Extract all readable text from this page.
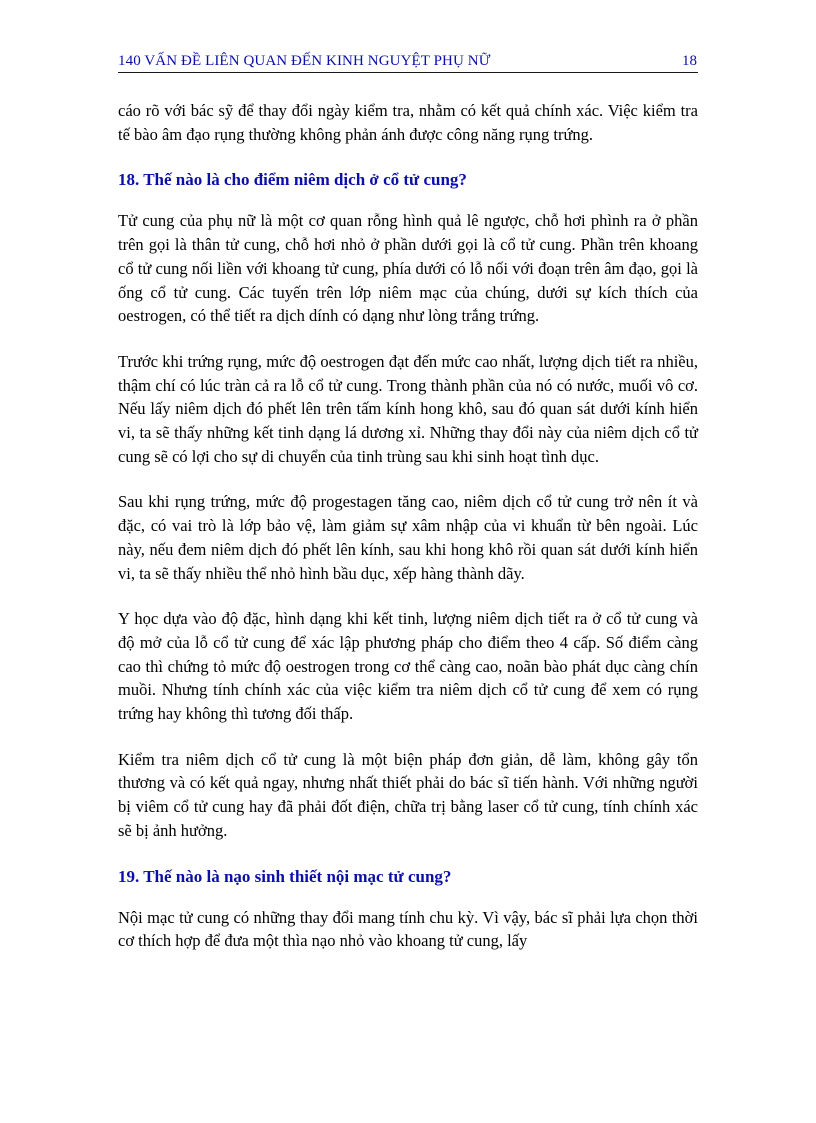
140 VẤN ĐỀ LIÊN QUAN ĐẾN KINH NGUYỆT PHỤ NỮ	18

cáo rõ với bác sỹ để thay đổi ngày kiểm tra, nhằm có kết quả chính xác. Việc kiểm tra tế bào âm đạo rụng thường không phản ánh được công năng rụng trứng.

18. Thế nào là cho điểm niêm dịch ở cổ tử cung?

Tử cung của phụ nữ là một cơ quan rỗng hình quả lê ngược, chỗ hơi phình ra ở phần trên gọi là thân tử cung, chỗ hơi nhỏ ở phần dưới gọi là cổ tử cung. Phần trên khoang cổ tử cung nối liền với khoang tử cung, phía dưới có lỗ nối với đoạn trên âm đạo, gọi là ống cổ tử cung. Các tuyến trên lớp niêm mạc của chúng, dưới sự kích thích của oestrogen, có thể tiết ra dịch dính có dạng như lòng trắng trứng.

Trước khi trứng rụng, mức độ oestrogen đạt đến mức cao nhất, lượng dịch tiết ra nhiều, thậm chí có lúc tràn cả ra lỗ cổ tử cung. Trong thành phần của nó có nước, muối vô cơ. Nếu lấy niêm dịch đó phết lên trên tấm kính hong khô, sau đó quan sát dưới kính hiển vi, ta sẽ thấy những kết tinh dạng lá dương xỉ. Những thay đổi này của niêm dịch cổ tử cung sẽ có lợi cho sự di chuyển của tinh trùng sau khi sinh hoạt tình dục.

Sau khi rụng trứng, mức độ progestagen tăng cao, niêm dịch cổ tử cung trở nên ít và đặc, có vai trò là lớp bảo vệ, làm giảm sự xâm nhập của vi khuẩn từ bên ngoài. Lúc này, nếu đem niêm dịch đó phết lên kính, sau khi hong khô rồi quan sát dưới kính hiển vi, ta sẽ thấy nhiều thể nhỏ hình bầu dục, xếp hàng thành dãy.

Y học dựa vào độ đặc, hình dạng khi kết tinh, lượng niêm dịch tiết ra ở cổ tử cung và độ mở của lỗ cổ tử cung để xác lập phương pháp cho điểm theo 4 cấp. Số điểm càng cao thì chứng tỏ mức độ oestrogen trong cơ thể càng cao, noãn bào phát dục càng chín muồi. Nhưng tính chính xác của việc kiểm tra niêm dịch cổ tử cung để xem có rụng trứng hay không thì tương đối thấp.

Kiểm tra niêm dịch cổ tử cung là một biện pháp đơn giản, dễ làm, không gây tổn thương và có kết quả ngay, nhưng nhất thiết phải do bác sĩ tiến hành. Với những người bị viêm cổ tử cung hay đã phải đốt điện, chữa trị bằng laser cổ tử cung, tính chính xác sẽ bị ảnh hưởng.

19. Thế nào là nạo sinh thiết nội mạc tử cung?

Nội mạc tử cung có những thay đổi mang tính chu kỳ. Vì vậy, bác sĩ phải lựa chọn thời cơ thích hợp để đưa một thìa nạo nhỏ vào khoang tử cung, lấy
